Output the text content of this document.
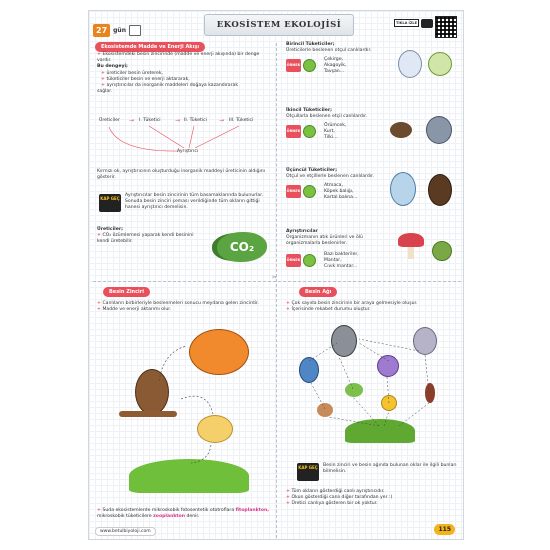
27	gün	EKOSİSTEM EKOLOJİSİ	TIKLA İZLE
✂
Ekosistemde Madde ve Enerji Akışı
+ Ekosistemdeki besin zincirinde (madde ve enerji akışında) bir denge vardır.
Bu dengeyi;
+ üreticiler besin üreterek,
+ tüketiciler besin ve enerji aktararak,
+ ayrıştırıcılar da inorganik maddeleri doğaya kazandırarak
sağlar.
Üreticiler → I. Tüketici → II. Tüketici → III. Tüketici
Ayrıştırıcı
Kırmızı ok, ayrıştırıcının oluşturduğu inorganik maddeyi üreticinin aldığını gösterir.
KAP GEÇ
Ayrıştırıcılar besin zincirinin tüm basamaklarında bulunurlar. Sonuda besin zinciri şeması verildiğinde tüm okların gittiği hanesi ayrıştırıcı demelisin.
Üreticiler;
+ CO₂ özümlemesi yaparak kendi besinini kendi üretebilir.	CO₂
Birincil Tüketiciler;
Üreticilerle beslenen otçul canlılardır.
ÖRNEK
Çekirge,
Akagoyik,
Tavşan...
İkincil Tüketiciler;
Otçullarla beslenen etçil canlılardır.
ÖRNEK
Örümcek,
Kurt,
Tilki...
Üçüncül Tüketiciler;
Otçul ve etçillerle beslenen canlılardır.
ÖRNEK
Atmaca,
Köpek balığı,
Kartal balına...
Ayrıştırıcılar
Organizmanın atık ürünleri ve ölü organizmalarla beslenirler.
ÖRNEK
Bazı bakteriler,
Mantar,
Cıvık mantar...
Besin Zinciri
+ Canlıların birbirleriyle beslenmeleri sonucu meydana gelen zincirdir.
+ Madde ve enerji aktarımı olur.
+ Suda ekosistemlerde mikroskobik fotosentetik ototroflara fitoplankton, mikroskobik tüketicilere zooplankton denir.
Besin Ağı
+ Çok sayıda besin zincirinin bir araya gelmesiyle oluşur.
+ İçerisinde rekabet durumu oluştur.
KAP GEÇ Besin zinciri ve besin ağında bulunan oklar ile ilgili bunları bilmelisin.
+ Tüm okların gösterdiği canlı ayrıştırıcıdır.
+ Okun gösterdiği canlı diğer tarafından yer :)
+ Üretici canlıya gösteren bir ok yoktur.
www.betulbiyoloji.com	115
